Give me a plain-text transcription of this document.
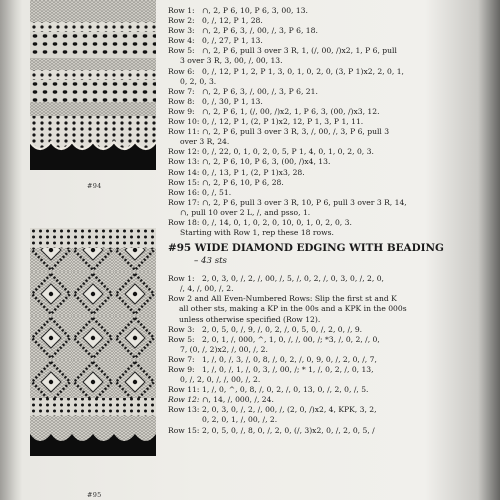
#94
#95
Row 1: ∩, 2, P 6, 10, P 6, 3, 00, 13.
Row 2: 0, /, 12, P 1, 28.
Row 3: ∩, 2, P 6, 3, /, 00, /, 3, P 6, 18.
Row 4: 0, /, 27, P 1, 13.
Row 5: ∩, 2, P 6, pull 3 over 3 R, 1, (/, 00, /)x2, 1, P 6, pull
3 over 3 R, 3, 00, /, 00, 13.
Row 6: 0, /, 12, P 1, 2, P 1, 3, 0, 1, 0, 2, 0, (3, P 1)x2, 2, 0, 1,
0, 2, 0, 3.
Row 7: ∩, 2, P 6, 3, /, 00, /, 3, P 6, 21.
Row 8: 0, /, 30, P 1, 13.
Row 9: ∩, 2, P 6, 1, (/, 00, /)x2, 1, P 6, 3, (00, /)x3, 12.
Row 10: 0, /, 12, P 1, (2, P 1)x2, 12, P 1, 3, P 1, 11.
Row 11: ∩, 2, P 6, pull 3 over 3 R, 3, /, 00, /, 3, P 6, pull 3
over 3 R, 24.
Row 12: 0, /, 22, 0, 1, 0, 2, 0, 5, P 1, 4, 0, 1, 0, 2, 0, 3.
Row 13: ∩, 2, P 6, 10, P 6, 3, (00, /)x4, 13.
Row 14: 0, /, 13, P 1, (2, P 1)x3, 28.
Row 15: ∩, 2, P 6, 10, P 6, 28.
Row 16: 0, /, 51.
Row 17: ∩, 2, P 6, pull 3 over 3 R, 10, P 6, pull 3 over 3 R, 14,
∩, pull 10 over 2 L, /, and psso, 1.
Row 18: 0, /, 14, 0, 1, 0, 2, 0, 10, 0, 1, 0, 2, 0, 3.
Starting with Row 1, rep these 18 rows.
#95 WIDE DIAMOND EDGING WITH BEADING
– 43 sts
Row 1: 2, 0, 3, 0, /, 2, /, 00, /, 5, /, 0, 2, /, 0, 3, 0, /, 2, 0,
/, 4, /, 00, /, 2.
Row 2 and All Even-Numbered Rows: Slip the first st and K
all other sts, making a KP in the 00s and a KPK in the 000s
unless otherwise specified (Row 12).
Row 3: 2, 0, 5, 0, /, 9, /, 0, 2, /, 0, 5, 0, /, 2, 0, /, 9.
Row 5: 2, 0, 1, /, 000, ^, 1, 0, /, /, 00, /; *3, /, 0, 2, /, 0,
7, (0, /, 2)x2, /, 00, /, 2.
Row 7: 1, /, 0, /, 3, /, 0, 8, /, 0, 2, /, 0, 9, 0, /, 2, 0, /, 7,
Row 9: 1, /, 0, /, 1, /, 0, 3, /, 00, /; * 1, /, 0, 2, /, 0, 13,
0, /, 2, 0, /, /, 00, /, 2.
Row 11: 1, /, 0, ^, 0, 8, /, 0, 2, /, 0, 13, 0, /, 2, 0, /, 5.
Row 12: ∩, 14, /, 000, /, 24.
Row 13: 2, 0, 3, 0, /, 2, /, 00, /, (2, 0, /)x2, 4, KPK, 3, 2,
0, 2, 0, 1, /, 00, /, 2.
Row 15: 2, 0, 5, 0, /, 8, 0, /, 2, 0, (/, 3)x2, 0, /, 2, 0, 5, /
